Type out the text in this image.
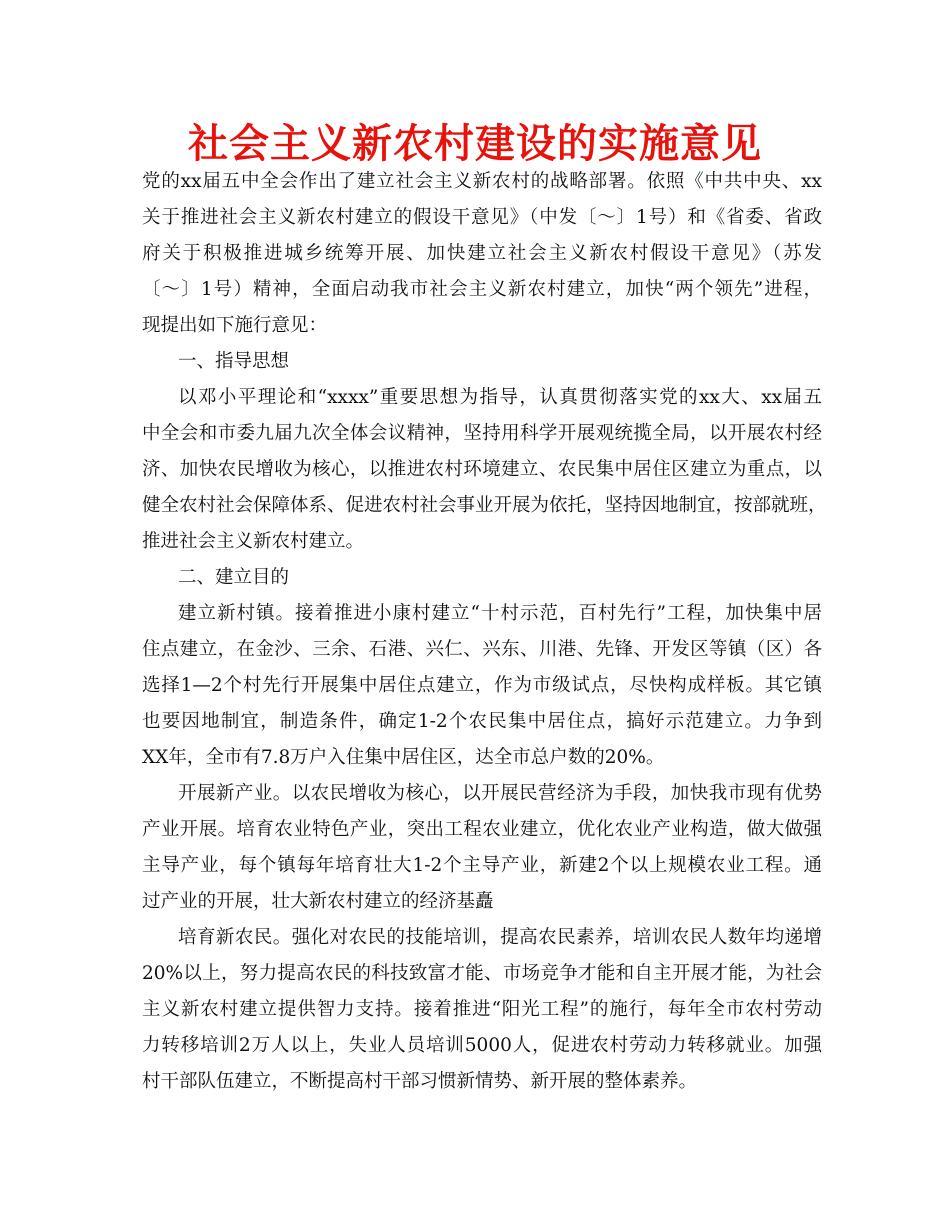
社会主义新农村建设的实施意见
党的xx届五中全会作出了建立社会主义新农村的战略部署。依照《中共中央、xx
关于推进社会主义新农村建立的假设干意见》（中发〔～〕1号）和《省委、省政
府关于积极推进城乡统筹开展、加快建立社会主义新农村假设干意见》（苏发
〔～〕1号）精神，全面启动我市社会主义新农村建立，加快“两个领先”进程，
现提出如下施行意见：
一、指导思想
以邓小平理论和“xxxx”重要思想为指导，认真贯彻落实党的xx大、xx届五
中全会和市委九届九次全体会议精神，坚持用科学开展观统揽全局，以开展农村经
济、加快农民增收为核心，以推进农村环境建立、农民集中居住区建立为重点，以
健全农村社会保障体系、促进农村社会事业开展为依托，坚持因地制宜，按部就班，
推进社会主义新农村建立。
二、建立目的
建立新村镇。接着推进小康村建立“十村示范，百村先行”工程，加快集中居
住点建立，在金沙、三余、石港、兴仁、兴东、川港、先锋、开发区等镇（区）各
选择1—2个村先行开展集中居住点建立，作为市级试点，尽快构成样板。其它镇
也要因地制宜，制造条件，确定1-2个农民集中居住点，搞好示范建立。力争到
XX年，全市有7.8万户入住集中居住区，达全市总户数的20%。
开展新产业。以农民增收为核心，以开展民营经济为手段，加快我市现有优势
产业开展。培育农业特色产业，突出工程农业建立，优化农业产业构造，做大做强
主导产业，每个镇每年培育壮大1-2个主导产业，新建2个以上规模农业工程。通
过产业的开展，壮大新农村建立的经济基矗
培育新农民。强化对农民的技能培训，提高农民素养，培训农民人数年均递增
20%以上，努力提高农民的科技致富才能、市场竞争才能和自主开展才能，为社会
主义新农村建立提供智力支持。接着推进“阳光工程”的施行，每年全市农村劳动
力转移培训2万人以上，失业人员培训5000人，促进农村劳动力转移就业。加强
村干部队伍建立，不断提高村干部习惯新情势、新开展的整体素养。
